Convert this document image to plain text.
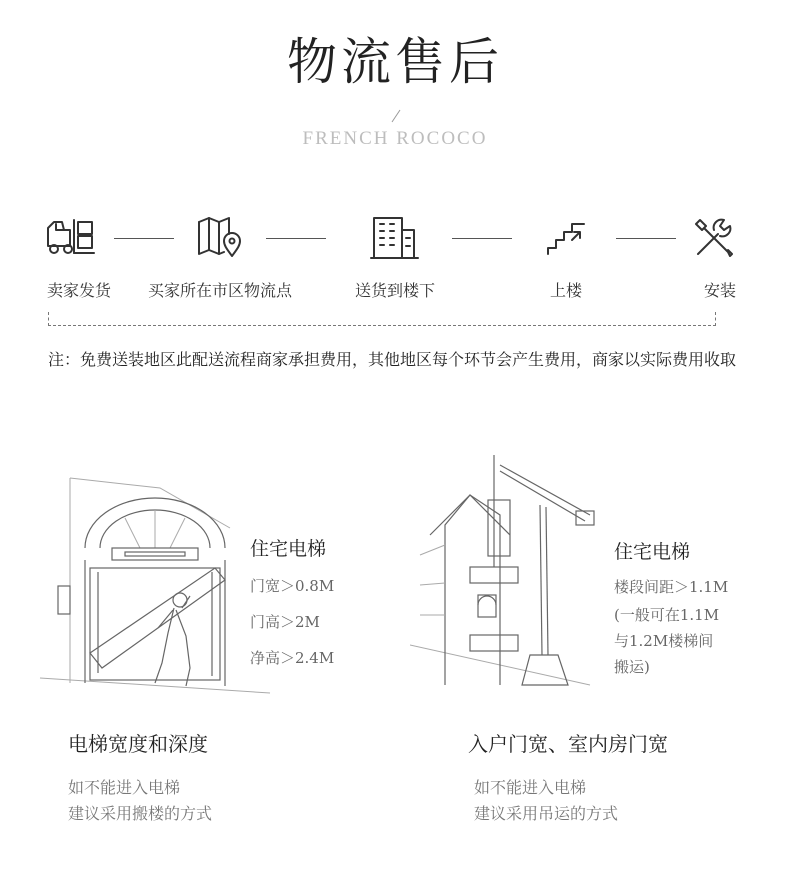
物流售后
FRENCH ROCOCO
卖家发货	买家所在市区物流点	送货到楼下	上楼	安装
注：免费送装地区此配送流程商家承担费用，其他地区每个环节会产生费用，商家以实际费用收取
住宅电梯
门宽＞0.8M
门高＞2M
净高＞2.4M
住宅电梯
楼段间距＞1.1M
(一般可在1.1M
与1.2M楼梯间
搬运)
电梯宽度和深度
如不能进入电梯
建议采用搬楼的方式
入户门宽、室内房门宽
如不能进入电梯
建议采用吊运的方式
